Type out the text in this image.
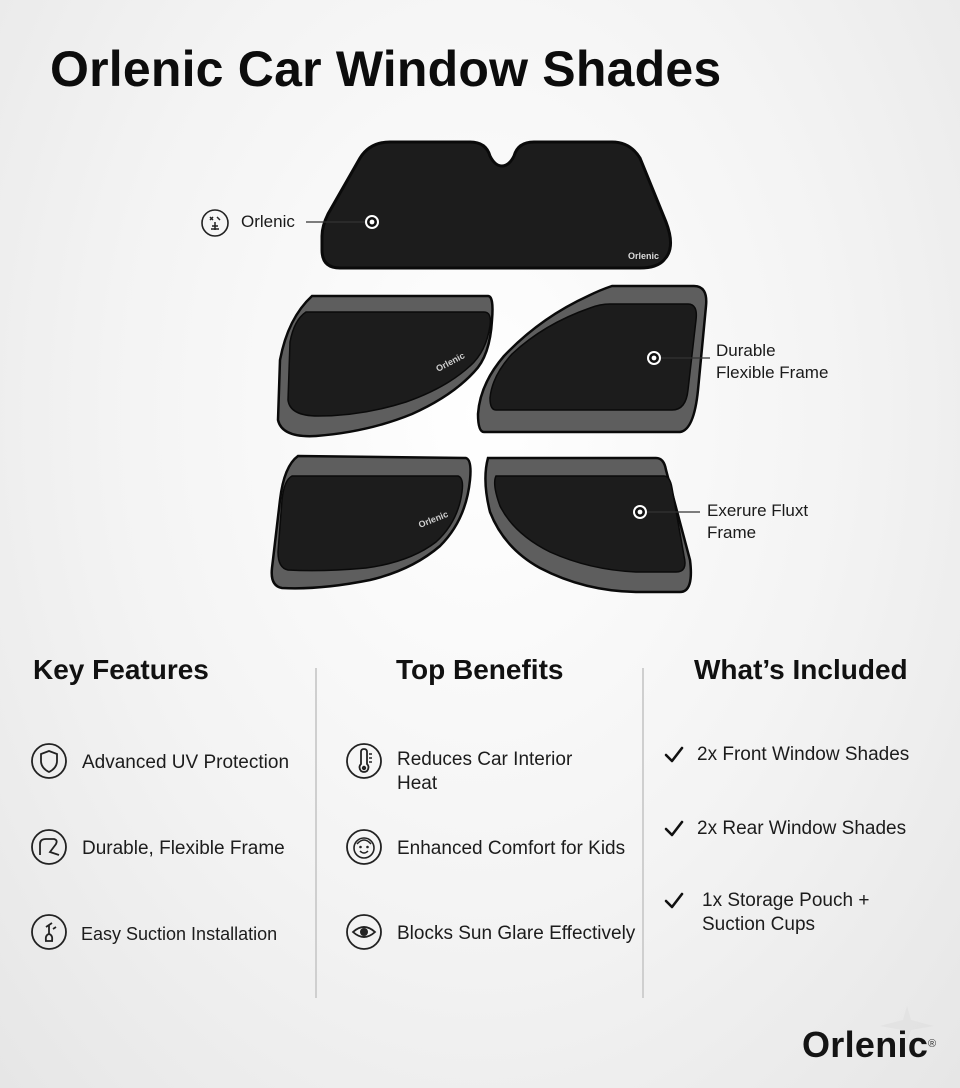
Orlenic Car Window Shades
Orlenic
Orlenic
Orlenic
Orlenic
Durable
Flexible Frame
Exerure Fluxt
Frame
Key Features	Top Benefits	What’s Included
Advanced UV Protection
Durable, Flexible Frame
Easy Suction Installation
Reduces Car Interior
Heat
Enhanced Comfort for Kids
Blocks Sun Glare Effectively
2x Front Window Shades
2x Rear Window Shades
1x Storage Pouch +
Suction Cups
Orlenic ®
